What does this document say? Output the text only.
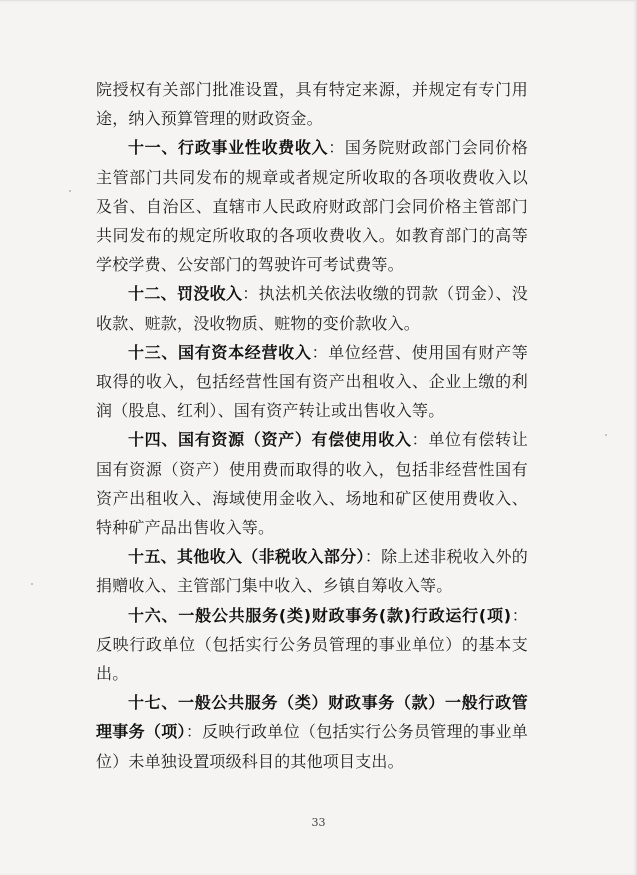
院授权有关部门批准设置，具有特定来源，并规定有专门用途，纳入预算管理的财政资金。

十一、行政事业性收费收入：国务院财政部门会同价格主管部门共同发布的规章或者规定所收取的各项收费收入以及省、自治区、直辖市人民政府财政部门会同价格主管部门共同发布的规定所收取的各项收费收入。如教育部门的高等学校学费、公安部门的驾驶许可考试费等。

十二、罚没收入：执法机关依法收缴的罚款（罚金）、没收款、赃款，没收物质、赃物的变价款收入。

十三、国有资本经营收入：单位经营、使用国有财产等取得的收入，包括经营性国有资产出租收入、企业上缴的利润（股息、红利）、国有资产转让或出售收入等。

十四、国有资源（资产）有偿使用收入：单位有偿转让国有资源（资产）使用费而取得的收入，包括非经营性国有资产出租收入、海域使用金收入、场地和矿区使用费收入、特种矿产品出售收入等。

十五、其他收入（非税收入部分）：除上述非税收入外的捐赠收入、主管部门集中收入、乡镇自筹收入等。

十六、一般公共服务(类)财政事务(款)行政运行(项)：反映行政单位（包括实行公务员管理的事业单位）的基本支出。

十七、一般公共服务（类）财政事务（款）一般行政管理事务（项）：反映行政单位（包括实行公务员管理的事业单位）未单独设置项级科目的其他项目支出。

33
